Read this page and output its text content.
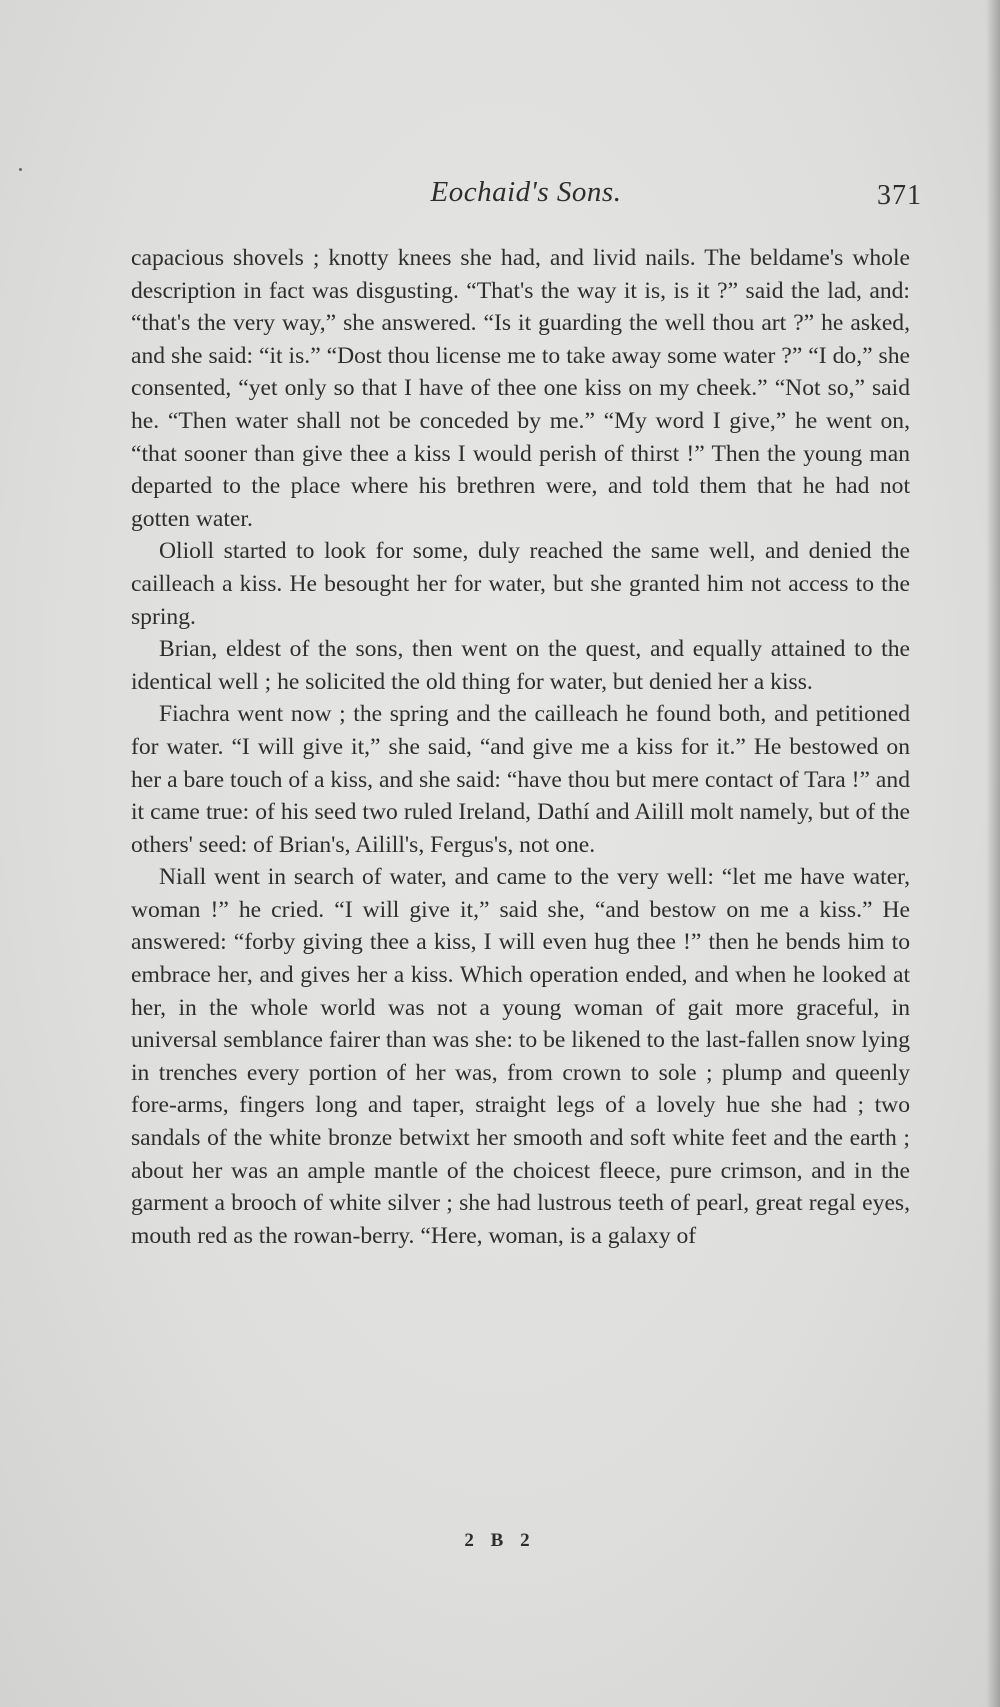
Eochaid's Sons.	371

capacious shovels ; knotty knees she had, and livid nails. The beldame's whole description in fact was disgusting. “That's the way it is, is it ?” said the lad, and: “that's the very way,” she answered. “Is it guarding the well thou art ?” he asked, and she said: “it is.” “Dost thou license me to take away some water ?” “I do,” she consented, “yet only so that I have of thee one kiss on my cheek.” “Not so,” said he. “Then water shall not be conceded by me.” “My word I give,” he went on, “that sooner than give thee a kiss I would perish of thirst !” Then the young man departed to the place where his brethren were, and told them that he had not gotten water.

Olioll started to look for some, duly reached the same well, and denied the cailleach a kiss. He besought her for water, but she granted him not access to the spring.

Brian, eldest of the sons, then went on the quest, and equally attained to the identical well ; he solicited the old thing for water, but denied her a kiss.

Fiachra went now ; the spring and the cailleach he found both, and petitioned for water. “I will give it,” she said, “and give me a kiss for it.” He bestowed on her a bare touch of a kiss, and she said: “have thou but mere contact of Tara !” and it came true: of his seed two ruled Ireland, Dathí and Ailill molt namely, but of the others' seed: of Brian's, Ailill's, Fergus's, not one.

Niall went in search of water, and came to the very well: “let me have water, woman !” he cried. “I will give it,” said she, “and bestow on me a kiss.” He answered: “forby giving thee a kiss, I will even hug thee !” then he bends him to embrace her, and gives her a kiss. Which operation ended, and when he looked at her, in the whole world was not a young woman of gait more graceful, in universal semblance fairer than was she: to be likened to the last-fallen snow lying in trenches every portion of her was, from crown to sole ; plump and queenly fore-arms, fingers long and taper, straight legs of a lovely hue she had ; two sandals of the white bronze betwixt her smooth and soft white feet and the earth ; about her was an ample mantle of the choicest fleece, pure crimson, and in the garment a brooch of white silver ; she had lustrous teeth of pearl, great regal eyes, mouth red as the rowan-berry. “Here, woman, is a galaxy of

2 B 2
